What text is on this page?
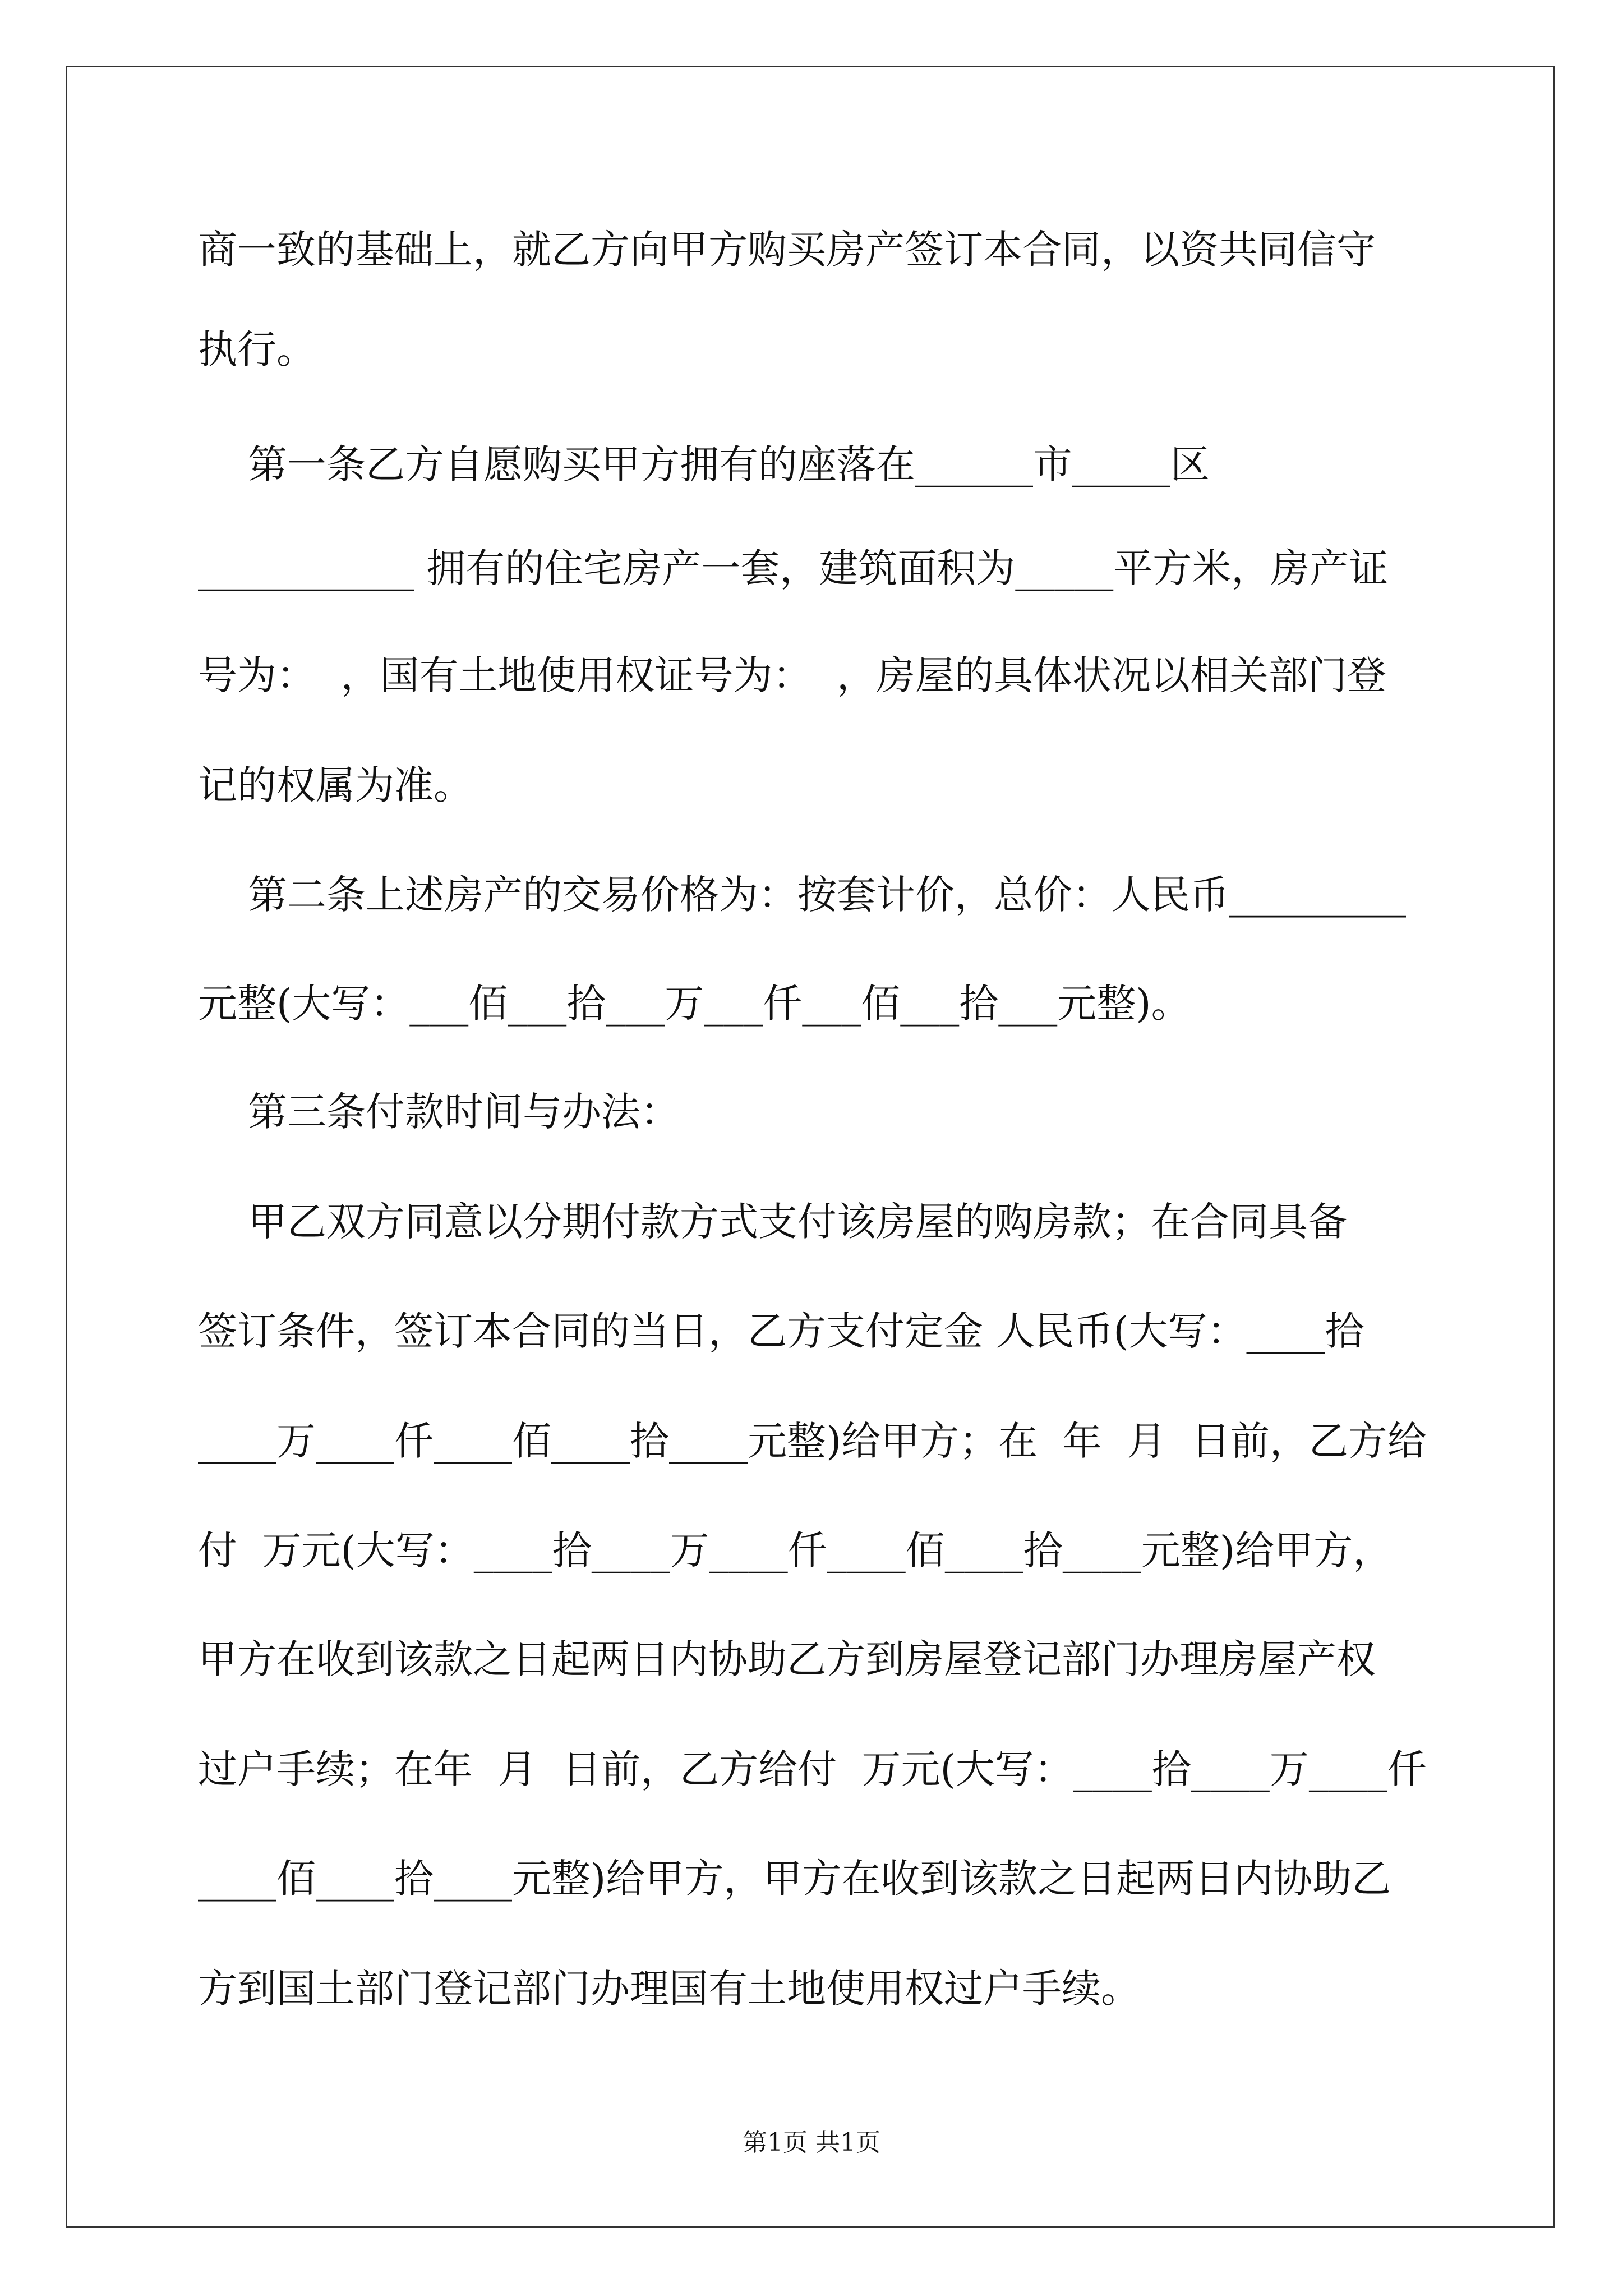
商一致的基础上，就乙方向甲方购买房产签订本合同，以资共同信守
执行。
第一条乙方自愿购买甲方拥有的座落在______市_____区
___________ 拥有的住宅房产一套，建筑面积为_____平方米，房产证
号为：  ，国有土地使用权证号为：  ，房屋的具体状况以相关部门登
记的权属为准。
第二条上述房产的交易价格为：按套计价，总价：人民币_________
元整(大写：___佰___拾___万___仟___佰___拾___元整)。
第三条付款时间与办法：
甲乙双方同意以分期付款方式支付该房屋的购房款；在合同具备
签订条件，签订本合同的当日，乙方支付定金 人民币(大写：____拾
____万____仟____佰____拾____元整)给甲方；在  年  月  日前，乙方给
付  万元(大写：____拾____万____仟____佰____拾____元整)给甲方，
甲方在收到该款之日起两日内协助乙方到房屋登记部门办理房屋产权
过户手续；在年  月  日前，乙方给付  万元(大写：____拾____万____仟
____佰____拾____元整)给甲方，甲方在收到该款之日起两日内协助乙
方到国土部门登记部门办理国有土地使用权过户手续。
第1页 共1页
